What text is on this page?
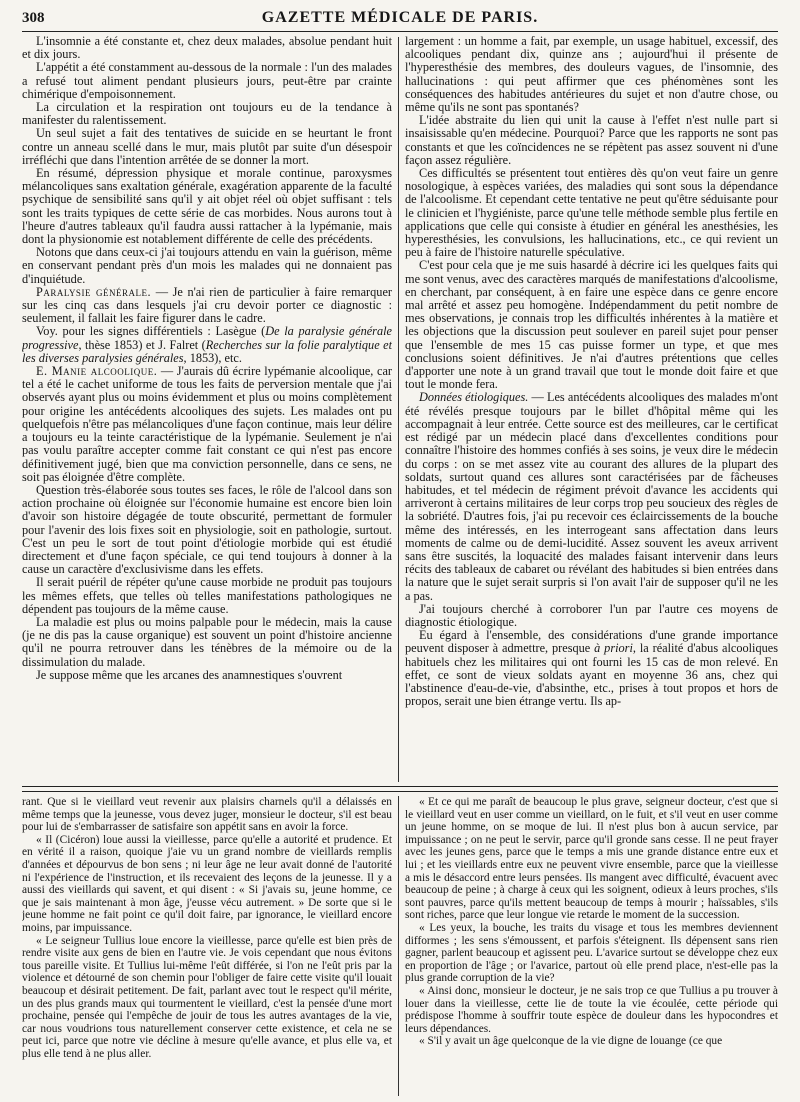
308	GAZETTE MÉDICALE DE PARIS.

L'insomnie a été constante et, chez deux malades, absolue pendant huit et dix jours.

L'appétit a été constamment au-dessous de la normale : l'un des malades a refusé tout aliment pendant plusieurs jours, peut-être par crainte chimérique d'empoisonnement.

La circulation et la respiration ont toujours eu de la tendance à manifester du ralentissement.

Un seul sujet a fait des tentatives de suicide en se heurtant le front contre un anneau scellé dans le mur, mais plutôt par suite d'un désespoir irréfléchi que dans l'intention arrêtée de se donner la mort.

En résumé, dépression physique et morale continue, paroxysmes mélancoliques sans exaltation générale, exagération apparente de la faculté psychique de sensibilité sans qu'il y ait objet réel où objet suffisant : tels sont les traits typiques de cette série de cas morbides. Nous aurons tout à l'heure d'autres tableaux qu'il faudra aussi rattacher à la lypémanie, mais dont la physionomie est notablement différente de celle des précédents.

Notons que dans ceux-ci j'ai toujours attendu en vain la guérison, même en conservant pendant près d'un mois les malades qui ne donnaient pas d'inquiétude.

Paralysie générale. — Je n'ai rien de particulier à faire remarquer sur les cinq cas dans lesquels j'ai cru devoir porter ce diagnostic : seulement, il fallait les faire figurer dans le cadre.

Voy. pour les signes différentiels : Lasègue (De la paralysie générale progressive, thèse 1853) et J. Falret (Recherches sur la folie paralytique et les diverses paralysies générales, 1853), etc.

E. Manie alcoolique. — J'aurais dû écrire lypémanie alcoolique, car tel a été le cachet uniforme de tous les faits de perversion mentale que j'ai observés ayant plus ou moins évidemment et plus ou moins complètement pour origine les antécédents alcooliques des sujets. Les malades ont pu quelquefois n'être pas mélancoliques d'une façon continue, mais leur délire a toujours eu la teinte caractéristique de la lypémanie. Seulement je n'ai pas voulu paraître accepter comme fait constant ce qui n'est pas encore définitivement jugé, bien que ma conviction personnelle, dans ce sens, ne soit pas éloignée d'être complète.

Question très-élaborée sous toutes ses faces, le rôle de l'alcool dans son action prochaine où éloignée sur l'économie humaine est encore bien loin d'avoir son histoire dégagée de toute obscurité, permettant de formuler pour l'avenir des lois fixes soit en physiologie, soit en pathologie, surtout. C'est un peu le sort de tout point d'étiologie morbide qui est étudié directement et d'une façon spéciale, ce qui tend toujours à donner à la cause un caractère d'exclusivisme dans les effets.

Il serait puéril de répéter qu'une cause morbide ne produit pas toujours les mêmes effets, que telles où telles manifestations pathologiques ne dépendent pas toujours de la même cause.

La maladie est plus ou moins palpable pour le médecin, mais la cause (je ne dis pas la cause organique) est souvent un point d'histoire ancienne qu'il ne pourra retrouver dans les ténèbres de la mémoire ou de la dissimulation du malade.

Je suppose même que les arcanes des anamnestiques s'ouvrent

largement : un homme a fait, par exemple, un usage habituel, excessif, des alcooliques pendant dix, quinze ans ; aujourd'hui il présente de l'hyperesthésie des membres, des douleurs vagues, de l'insomnie, des hallucinations : qui peut affirmer que ces phénomènes sont les conséquences des habitudes antérieures du sujet et non d'autre chose, ou même qu'ils ne sont pas spontanés?

L'idée abstraite du lien qui unit la cause à l'effet n'est nulle part si insaisissable qu'en médecine. Pourquoi? Parce que les rapports ne sont pas constants et que les coïncidences ne se répètent pas assez souvent ni d'une façon assez régulière.

Ces difficultés se présentent tout entières dès qu'on veut faire un genre nosologique, à espèces variées, des maladies qui sont sous la dépendance de l'alcoolisme. Et cependant cette tentative ne peut qu'être séduisante pour le clinicien et l'hygiéniste, parce qu'une telle méthode semble plus fertile en applications que celle qui consiste à étudier en général les anesthésies, les hyperesthésies, les convulsions, les hallucinations, etc., ce qui revient un peu à faire de l'histoire naturelle spéculative.

C'est pour cela que je me suis hasardé à décrire ici les quelques faits qui me sont venus, avec des caractères marqués de manifestations d'alcoolisme, en cherchant, par conséquent, à en faire une espèce dans ce genre encore mal arrêté et assez peu homogène. Indépendamment du petit nombre de mes observations, je connais trop les difficultés inhérentes à la matière et les objections que la discussion peut soulever en pareil sujet pour penser que l'ensemble de mes 15 cas puisse former un type, et que mes conclusions soient définitives. Je n'ai d'autres prétentions que celles d'apporter une note à un grand travail que tout le monde doit faire et que tout le monde fera.

Données étiologiques. — Les antécédents alcooliques des malades m'ont été révélés presque toujours par le billet d'hôpital même qui les accompagnait à leur entrée. Cette source est des meilleures, car le certificat est rédigé par un médecin placé dans d'excellentes conditions pour connaître l'histoire des hommes confiés à ses soins, je veux dire le médecin du corps : on se met assez vite au courant des allures de la plupart des soldats, surtout quand ces allures sont caractérisées par de fâcheuses habitudes, et tel médecin de régiment prévoit d'avance les accidents qui arriveront à certains militaires de leur corps trop peu soucieux des règles de la sobriété. D'autres fois, j'ai pu recevoir ces éclaircissements de la bouche même des intéressés, en les interrogeant sans affectation dans leurs moments de calme ou de demi-lucidité. Assez souvent les aveux arrivent sans être suscités, la loquacité des malades faisant intervenir dans leurs récits des tableaux de cabaret ou révélant des habitudes si bien entrées dans la nature que le sujet serait surpris si l'on avait l'air de supposer qu'il ne les a pas.

J'ai toujours cherché à corroborer l'un par l'autre ces moyens de diagnostic étiologique.

Eu égard à l'ensemble, des considérations d'une grande importance peuvent disposer à admettre, presque à priori, la réalité d'abus alcooliques habituels chez les militaires qui ont fourni les 15 cas de mon relevé. En effet, ce sont de vieux soldats ayant en moyenne 36 ans, chez qui l'abstinence d'eau-de-vie, d'absinthe, etc., prises à tout propos et hors de propos, serait une bien étrange vertu. Ils ap-

rant. Que si le vieillard veut revenir aux plaisirs charnels qu'il a délaissés en même temps que la jeunesse, vous devez juger, monsieur le docteur, s'il est beau pour lui de s'embarrasser de satisfaire son appétit sans en avoir la force.

« Il (Cicéron) loue aussi la vieillesse, parce qu'elle a autorité et prudence. Et en vérité il a raison, quoique j'aie vu un grand nombre de vieillards remplis d'années et dépourvus de bon sens ; ni leur âge ne leur avait donné de l'autorité ni l'expérience de l'instruction, et ils recevaient des leçons de la jeunesse. Il y a aussi des vieillards qui savent, et qui disent : « Si j'avais su, jeune homme, ce que je sais maintenant à mon âge, j'eusse vécu autrement. » De sorte que si le jeune homme ne fait point ce qu'il doit faire, par ignorance, le vieillard encore moins, par impuissance.

« Le seigneur Tullius loue encore la vieillesse, parce qu'elle est bien près de rendre visite aux gens de bien en l'autre vie. Je vois cependant que nous évitons tous pareille visite. Et Tullius lui-même l'eût différée, si l'on ne l'eût pris par la violence et détourné de son chemin pour l'obliger de faire cette visite qu'il louait beaucoup et désirait petitement. De fait, parlant avec tout le respect qu'il mérite, un des plus grands maux qui tourmentent le vieillard, c'est la pensée d'une mort prochaine, pensée qui l'empêche de jouir de tous les autres avantages de la vie, car nous voudrions tous naturellement conserver cette existence, et cela ne se peut ici, parce que notre vie décline à mesure qu'elle avance, et plus elle va, et plus elle tend à ne plus aller.

« Et ce qui me paraît de beaucoup le plus grave, seigneur docteur, c'est que si le vieillard veut en user comme un vieillard, on le fuit, et s'il veut en user comme un jeune homme, on se moque de lui. Il n'est plus bon à aucun service, par impuissance ; on ne peut le servir, parce qu'il gronde sans cesse. Il ne peut frayer avec les jeunes gens, parce que le temps a mis une grande distance entre eux et lui ; et les vieillards entre eux ne peuvent vivre ensemble, parce que la vieillesse a mis le désaccord entre leurs pensées. Ils mangent avec difficulté, évacuent avec beaucoup de peine ; à charge à ceux qui les soignent, odieux à leurs proches, s'ils sont pauvres, parce qu'ils mettent beaucoup de temps à mourir ; haïssables, s'ils sont riches, parce que leur longue vie retarde le moment de la succession.

« Les yeux, la bouche, les traits du visage et tous les membres deviennent difformes ; les sens s'émoussent, et parfois s'éteignent. Ils dépensent sans rien gagner, parlent beaucoup et agissent peu. L'avarice surtout se développe chez eux en proportion de l'âge ; or l'avarice, partout où elle prend place, n'est-elle pas la plus grande corruption de la vie?

« Ainsi donc, monsieur le docteur, je ne sais trop ce que Tullius a pu trouver à louer dans la vieillesse, cette lie de toute la vie écoulée, cette période qui prédispose l'homme à souffrir toute espèce de douleur dans les hypocondres et leurs dépendances.

« S'il y avait un âge quelconque de la vie digne de louange (ce que
